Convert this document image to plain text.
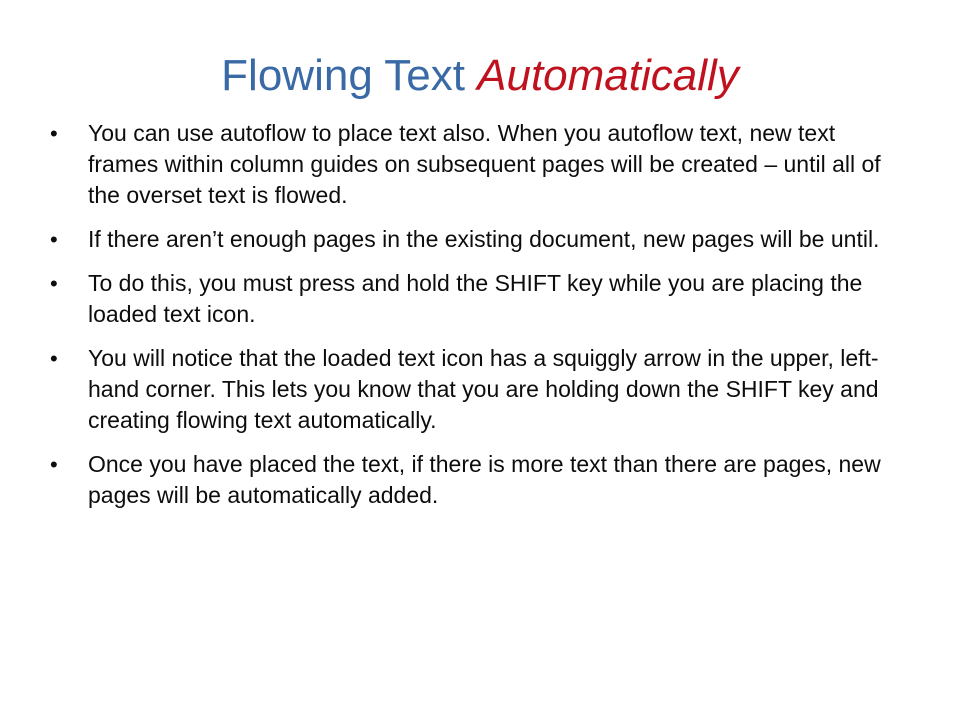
Flowing Text Automatically
• You can use autoflow to place text also. When you autoflow text, new text frames within column guides on subsequent pages will be created – until all of the overset text is flowed.
• If there aren’t enough pages in the existing document, new pages will be until.
• To do this, you must press and hold the SHIFT key while you are placing the loaded text icon.
• You will notice that the loaded text icon has a squiggly arrow in the upper, left-hand corner. This lets you know that you are holding down the SHIFT key and creating flowing text automatically.
• Once you have placed the text, if there is more text than there are pages, new pages will be automatically added.
